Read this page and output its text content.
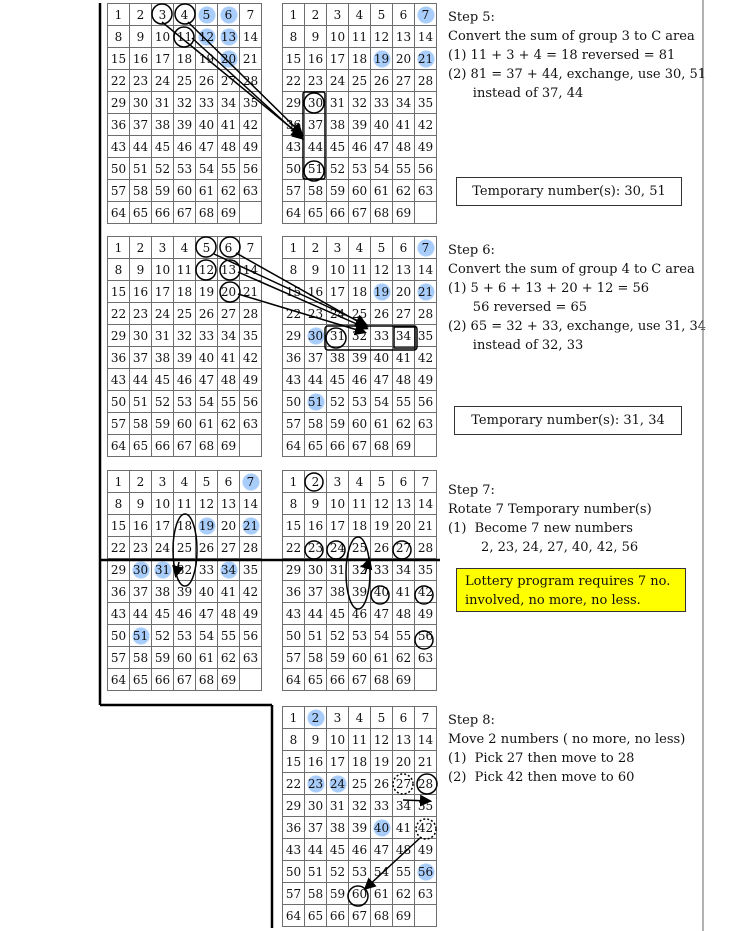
1	2	3	4	5	6	7
8	9	10	11	12	13	14
15	16	17	18	19	20	21
22	23	24	25	26	27	28
29	30	31	32	33	34	35
36	37	38	39	40	41	42
43	44	45	46	47	48	49
50	51	52	53	54	55	56
57	58	59	60	61	62	63
64	65	66	67	68	69	
1	2	3	4	5	6	7
8	9	10	11	12	13	14
15	16	17	18	19	20	21
22	23	24	25	26	27	28
29	30	31	32	33	34	35
36	37	38	39	40	41	42
43	44	45	46	47	48	49
50	51	52	53	54	55	56
57	58	59	60	61	62	63
64	65	66	67	68	69	
1	2	3	4	5	6	7
8	9	10	11	12	13	14
15	16	17	18	19	20	21
22	23	24	25	26	27	28
29	30	31	32	33	34	35
36	37	38	39	40	41	42
43	44	45	46	47	48	49
50	51	52	53	54	55	56
57	58	59	60	61	62	63
64	65	66	67	68	69	
1	2	3	4	5	6	7
8	9	10	11	12	13	14
15	16	17	18	19	20	21
22	23	24	25	26	27	28
29	30	31	32	33	34	35
36	37	38	39	40	41	42
43	44	45	46	47	48	49
50	51	52	53	54	55	56
57	58	59	60	61	62	63
64	65	66	67	68	69	
1	2	3	4	5	6	7
8	9	10	11	12	13	14
15	16	17	18	19	20	21
22	23	24	25	26	27	28
29	30	31	32	33	34	35
36	37	38	39	40	41	42
43	44	45	46	47	48	49
50	51	52	53	54	55	56
57	58	59	60	61	62	63
64	65	66	67	68	69	
1	2	3	4	5	6	7
8	9	10	11	12	13	14
15	16	17	18	19	20	21
22	23	24	25	26	27	28
29	30	31	32	33	34	35
36	37	38	39	40	41	42
43	44	45	46	47	48	49
50	51	52	53	54	55	56
57	58	59	60	61	62	63
64	65	66	67	68	69	
1	2	3	4	5	6	7
8	9	10	11	12	13	14
15	16	17	18	19	20	21
22	23	24	25	26	27	28
29	30	31	32	33	34	35
36	37	38	39	40	41	42
43	44	45	46	47	48	49
50	51	52	53	54	55	56
57	58	59	60	61	62	63
64	65	66	67	68	69	
Step 5:
Convert the sum of group 3 to C area
(1) 11 + 3 + 4 = 18 reversed = 81
(2) 81 = 37 + 44, exchange, use 30, 51
instead of 37, 44
Step 6:
Convert the sum of group 4 to C area
(1) 5 + 6 + 13 + 20 + 12 = 56
56 reversed = 65
(2) 65 = 32 + 33, exchange, use 31, 34
instead of 32, 33
Step 7:
Rotate 7 Temporary number(s)
(1)  Become 7 new numbers
2, 23, 24, 27, 40, 42, 56
Step 8:
Move 2 numbers ( no more, no less)
(1)  Pick 27 then move to 28
(2)  Pick 42 then move to 60
Temporary number(s): 30, 51
Temporary number(s): 31, 34
Lottery program requires 7 no.
involved, no more, no less.
